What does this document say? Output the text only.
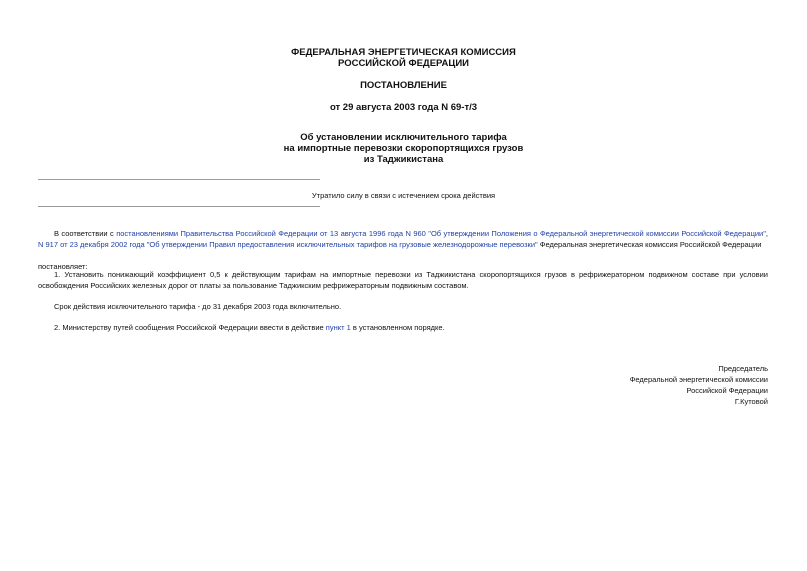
ФЕДЕРАЛЬНАЯ ЭНЕРГЕТИЧЕСКАЯ КОМИССИЯ
РОССИЙСКОЙ ФЕДЕРАЦИИ
ПОСТАНОВЛЕНИЕ
от 29 августа 2003 года N 69-т/3
Об установлении исключительного тарифа
на импортные перевозки скоропортящихся грузов
из Таджикистана
Утратило силу в связи с истечением срока действия
В соответствии с постановлениями Правительства Российской Федерации от 13 августа 1996 года N 960 "Об утверждении Положения о Федеральной энергетической комиссии Российской Федерации", N 917 от 23 декабря 2002 года "Об утверждении Правил предоставления исключительных тарифов на грузовые железнодорожные перевозки" Федеральная энергетическая комиссия Российской Федерации
постановляет:
1. Установить понижающий коэффициент 0,5 к действующим тарифам на импортные перевозки из Таджикистана скоропортящихся грузов в рефрижераторном подвижном составе при условии освобождения Российских железных дорог от платы за пользование Таджикским рефрижераторным подвижным составом.
Срок действия исключительного тарифа - до 31 декабря 2003 года включительно.
2. Министерству путей сообщения Российской Федерации ввести в действие пункт 1 в установленном порядке.
Председатель
Федеральной энергетической комиссии
Российской Федерации
Г.Кутовой
